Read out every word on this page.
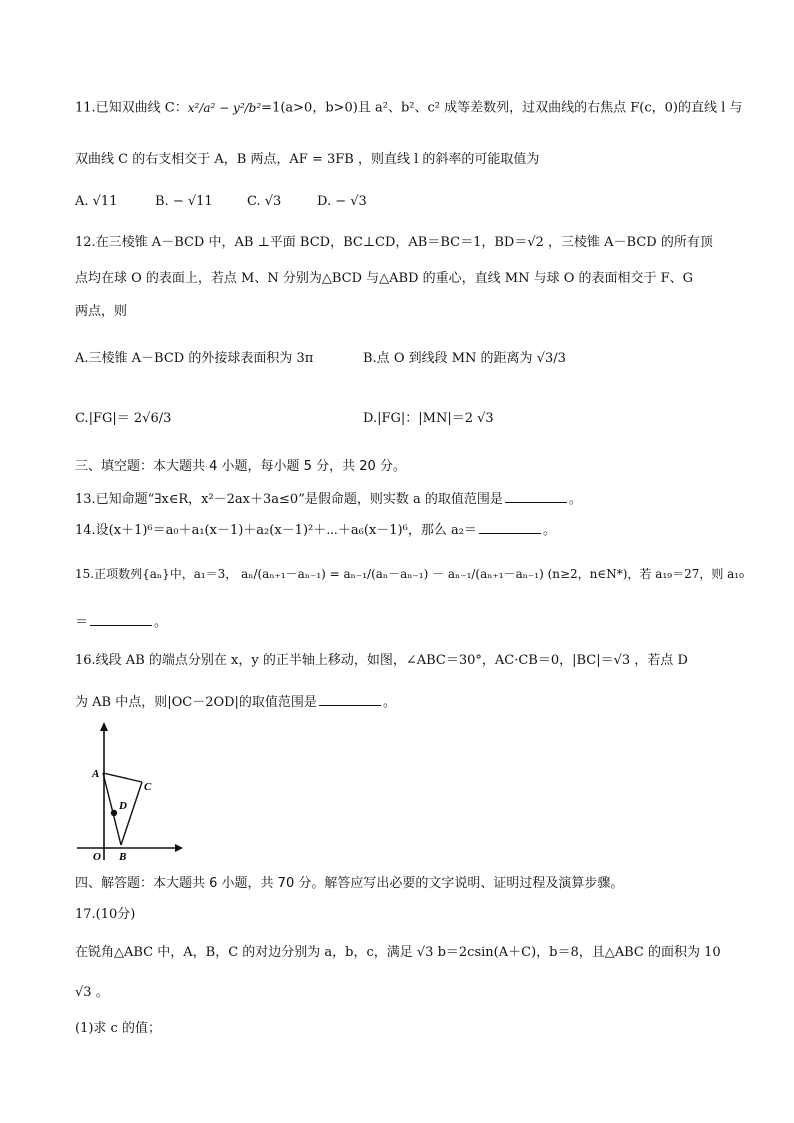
11.已知双曲线 C：x²/a² − y²/b²=1(a>0，b>0)且 a²、b²、c² 成等差数列，过双曲线的右焦点 F(c，0)的直线 l 与
双曲线 C 的右支相交于 A，B 两点，AF = 3FB ，则直线 l 的斜率的可能取值为
A. √11	B. − √11	C. √3	D. − √3
12.在三棱锥 A－BCD 中，AB ⊥平面 BCD，BC⊥CD，AB＝BC＝1，BD＝√2 ，三棱锥 A－BCD 的所有顶
点均在球 O 的表面上，若点 M、N 分别为△BCD 与△ABD 的重心，直线 MN 与球 O 的表面相交于 F、G
两点，则
A.三棱锥 A－BCD 的外接球表面积为 3π	B.点 O 到线段 MN 的距离为 √3/3
C.|FG|＝ 2√6/3	D.|FG|：|MN|＝2 √3
三、填空题：本大题共 4 小题，每小题 5 分，共 20 分。
13.已知命题“∃x∈R，x²－2ax＋3a≤0”是假命题，则实数 a 的取值范围是	。
14.设(x＋1)⁶＝a₀＋a₁(x－1)＋a₂(x－1)²＋⋯＋a₆(x－1)⁶，那么 a₂＝	。
15.正项数列{aₙ}中，a₁＝3， aₙ/(aₙ₊₁－aₙ₋₁) = aₙ₋₁/(aₙ－aₙ₋₁) － aₙ₋₁/(aₙ₊₁－aₙ₋₁) (n≥2，n∈N*)，若 a₁₉＝27，则 a₁₀
＝	。
16.线段 AB 的端点分别在 x，y 的正半轴上移动，如图，∠ABC＝30°，AC·CB＝0，|BC|＝√3 ，若点 D
为 AB 中点，则|OC－2OD|的取值范围是	。
A
C
D
O B
四、解答题：本大题共 6 小题，共 70 分。解答应写出必要的文字说明、证明过程及演算步骤。
17.(10分)
在锐角△ABC 中，A，B，C 的对边分别为 a，b，c，满足 √3 b＝2csin(A＋C)，b＝8，且△ABC 的面积为 10
√3 。
(1)求 c 的值；
